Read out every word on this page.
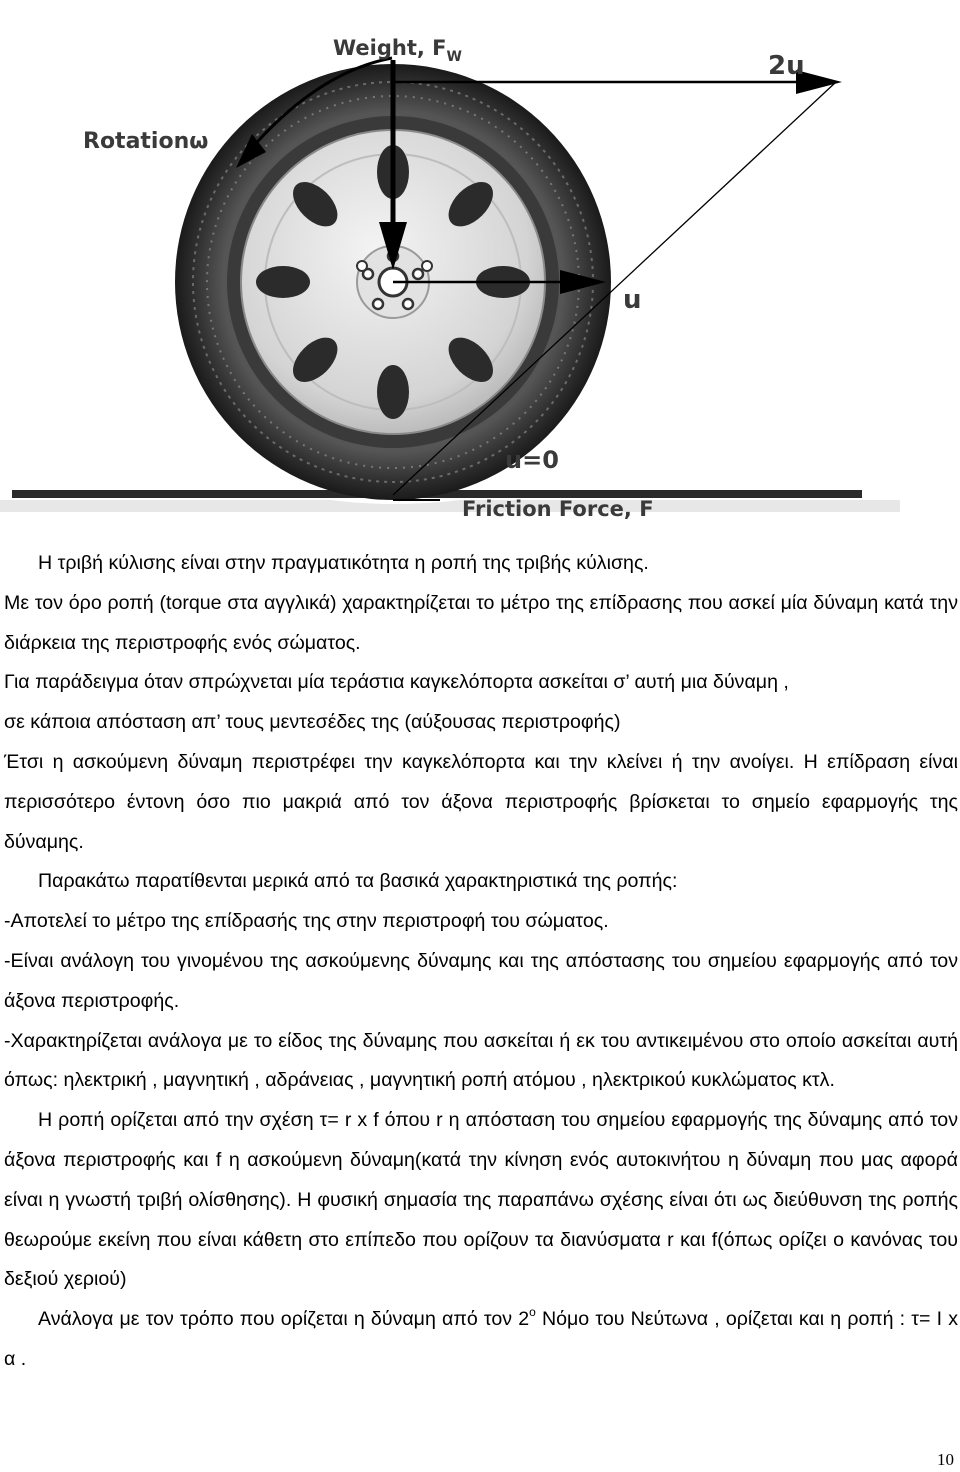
Weight, $F_W$	2u
Rotationω
u
u=0
Friction Force, F

Η τριβή κύλισης είναι στην πραγματικότητα η ροπή της τριβής κύλισης.

Με τον όρο ροπή (torque στα αγγλικά) χαρακτηρίζεται το μέτρο της επίδρασης που ασκεί μία δύναμη κατά την διάρκεια της περιστροφής ενός σώματος.

Για παράδειγμα όταν σπρώχνεται μία τεράστια καγκελόπορτα ασκείται σ’ αυτή μια δύναμη ,

σε κάποια απόσταση απ’ τους μεντεσέδες της (αύξουσας περιστροφής)

Έτσι η ασκούμενη δύναμη περιστρέφει την καγκελόπορτα και την κλείνει ή την ανοίγει. Η επίδραση είναι περισσότερο έντονη όσο πιο μακριά από τον άξονα περιστροφής βρίσκεται το σημείο εφαρμογής της δύναμης.

Παρακάτω παρατίθενται μερικά από τα βασικά χαρακτηριστικά της ροπής:

-Αποτελεί το μέτρο της επίδρασής της στην περιστροφή του σώματος.

-Είναι ανάλογη του γινομένου της ασκούμενης δύναμης και της απόστασης του σημείου εφαρμογής από τον άξονα περιστροφής.

-Χαρακτηρίζεται ανάλογα με το είδος της δύναμης που ασκείται ή εκ του αντικειμένου στο οποίο ασκείται αυτή όπως: ηλεκτρική , μαγνητική , αδράνειας , μαγνητική ροπή ατόμου , ηλεκτρικού κυκλώματος κτλ.

Η ροπή ορίζεται από την σχέση τ= r x f όπου r η απόσταση του σημείου εφαρμογής της δύναμης από τον άξονα περιστροφής και f η ασκούμενη δύναμη(κατά την κίνηση ενός αυτοκινήτου η δύναμη που μας αφορά είναι η γνωστή τριβή ολίσθησης). Η φυσική σημασία της παραπάνω σχέσης είναι ότι ως διεύθυνση της ροπής θεωρούμε εκείνη που είναι κάθετη στο επίπεδο που ορίζουν τα διανύσματα r και f(όπως ορίζει ο κανόνας του δεξιού χεριού)

Ανάλογα με τον τρόπο που ορίζεται η δύναμη από τον $2^o$ Νόμο του Νεύτωνα , ορίζεται και η ροπή : τ= I x α .

10
